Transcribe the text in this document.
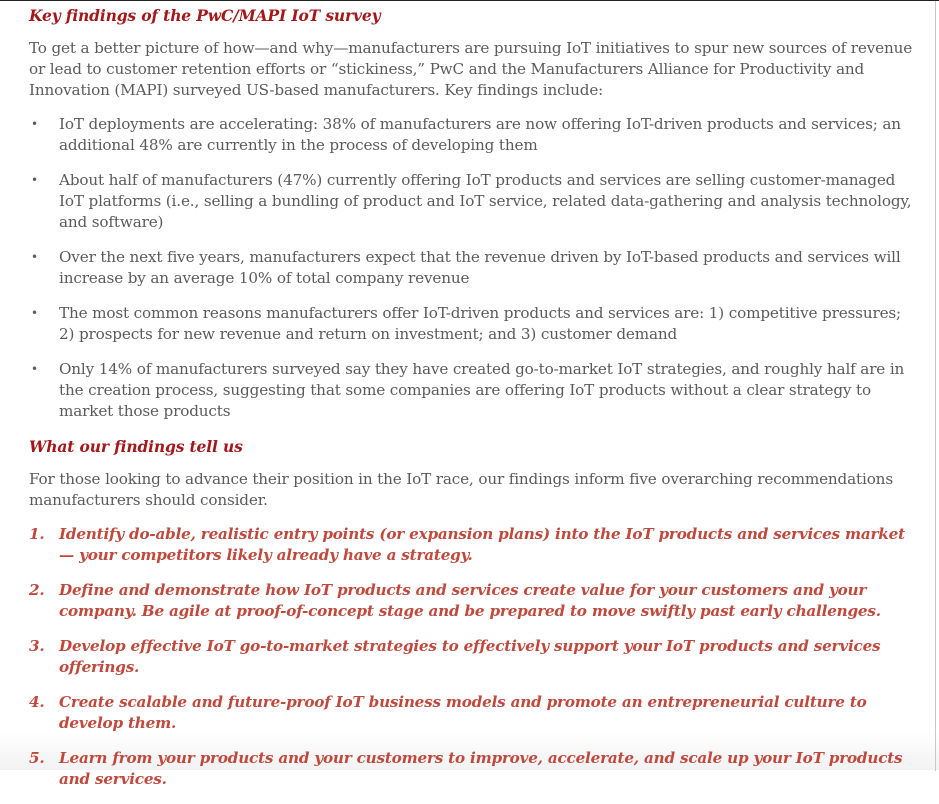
Key findings of the PwC/MAPI IoT survey

To get a better picture of how—and why—manufacturers are pursuing IoT initiatives to spur new sources of revenue or lead to customer retention efforts or “stickiness,” PwC and the Manufacturers Alliance for Productivity and Innovation (MAPI) surveyed US-based manufacturers. Key findings include:

• IoT deployments are accelerating: 38% of manufacturers are now offering IoT-driven products and services; an additional 48% are currently in the process of developing them
• About half of manufacturers (47%) currently offering IoT products and services are selling customer-managed IoT platforms (i.e., selling a bundling of product and IoT service, related data-gathering and analysis technology, and software)
• Over the next five years, manufacturers expect that the revenue driven by IoT-based products and services will increase by an average 10% of total company revenue
• The most common reasons manufacturers offer IoT-driven products and services are: 1) competitive pressures; 2) prospects for new revenue and return on investment; and 3) customer demand
• Only 14% of manufacturers surveyed say they have created go-to-market IoT strategies, and roughly half are in the creation process, suggesting that some companies are offering IoT products without a clear strategy to market those products
What our findings tell us

For those looking to advance their position in the IoT race, our findings inform five overarching recommendations manufacturers should consider.

1. Identify do-able, realistic entry points (or expansion plans) into the IoT products and services market— your competitors likely already have a strategy.
2. Define and demonstrate how IoT products and services create value for your customers and your company. Be agile at proof-of-concept stage and be prepared to move swiftly past early challenges.
3. Develop effective IoT go-to-market strategies to effectively support your IoT products and services offerings.
4. Create scalable and future-proof IoT business models and promote an entrepreneurial culture to develop them.
5. Learn from your products and your customers to improve, accelerate, and scale up your IoT products and services.
